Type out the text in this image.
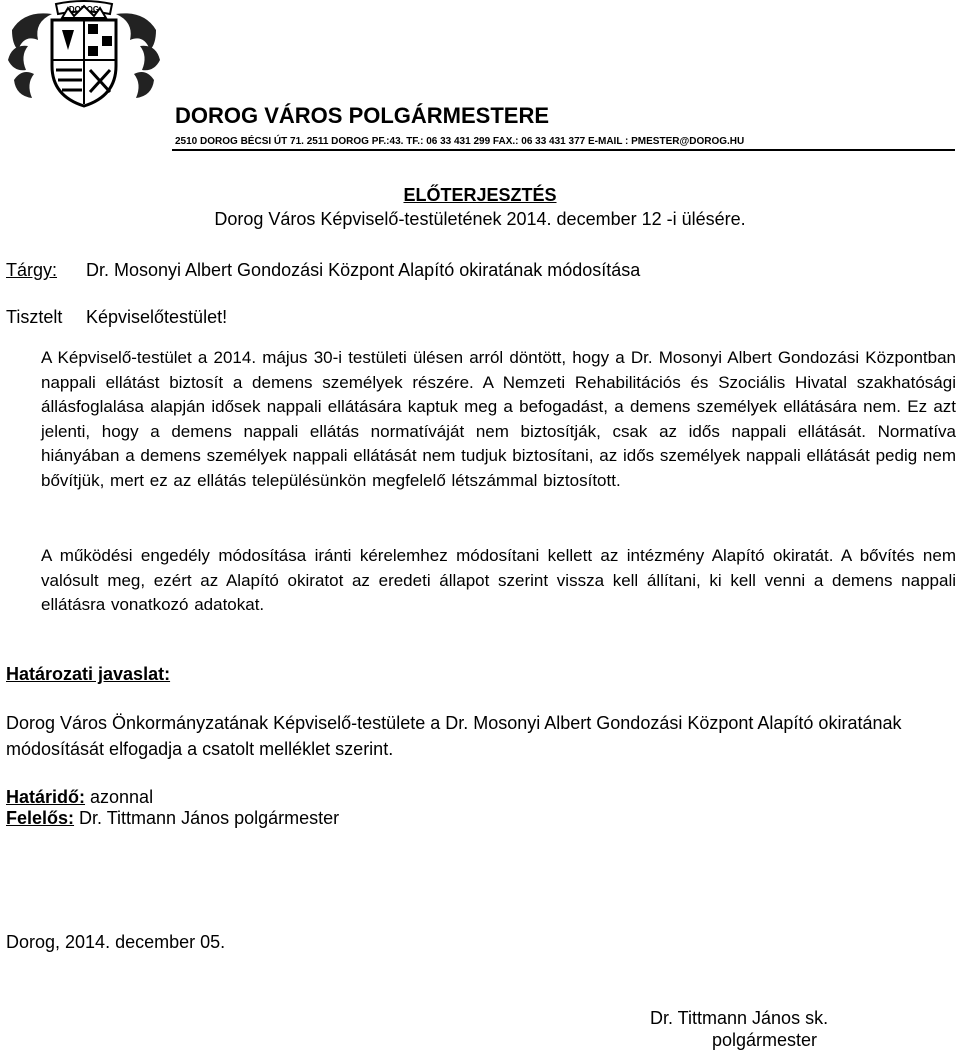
DOROG VÁROS POLGÁRMESTERE
2510 DOROG BÉCSI ÚT 71. 2511 DOROG PF.:43. TF.: 06 33 431 299 FAX.: 06 33 431 377 E-MAIL : PMESTER@DOROG.HU
ELŐTERJESZTÉS
Dorog Város Képviselő-testületének 2014. december 12 -i ülésére.
Tárgy: Dr. Mosonyi Albert Gondozási Központ Alapító okiratának módosítása
Tisztelt Képviselőtestület!
A Képviselő-testület a 2014. május 30-i testületi ülésen arról döntött, hogy a Dr. Mosonyi Albert Gondozási Központban nappali ellátást biztosít a demens személyek részére. A Nemzeti Rehabilitációs és Szociális Hivatal szakhatósági állásfoglalása alapján idősek nappali ellátására kaptuk meg a befogadást, a demens személyek ellátására nem. Ez azt jelenti, hogy a demens nappali ellátás normatíváját nem biztosítják, csak az idős nappali ellátását. Normatíva hiányában a demens személyek nappali ellátását nem tudjuk biztosítani, az idős személyek nappali ellátását pedig nem bővítjük, mert ez az ellátás településünkön megfelelő létszámmal biztosított.
A működési engedély módosítása iránti kérelemhez módosítani kellett az intézmény Alapító okiratát. A bővítés nem valósult meg, ezért az Alapító okiratot az eredeti állapot szerint vissza kell állítani, ki kell venni a demens nappali ellátásra vonatkozó adatokat.
Határozati javaslat:
Dorog Város Önkormányzatának Képviselő-testülete a Dr. Mosonyi Albert Gondozási Központ Alapító okiratának módosítását elfogadja a csatolt melléklet szerint.
Határidő: azonnal
Felelős: Dr. Tittmann János polgármester
Dorog, 2014. december 05.
Dr. Tittmann János sk.
polgármester
